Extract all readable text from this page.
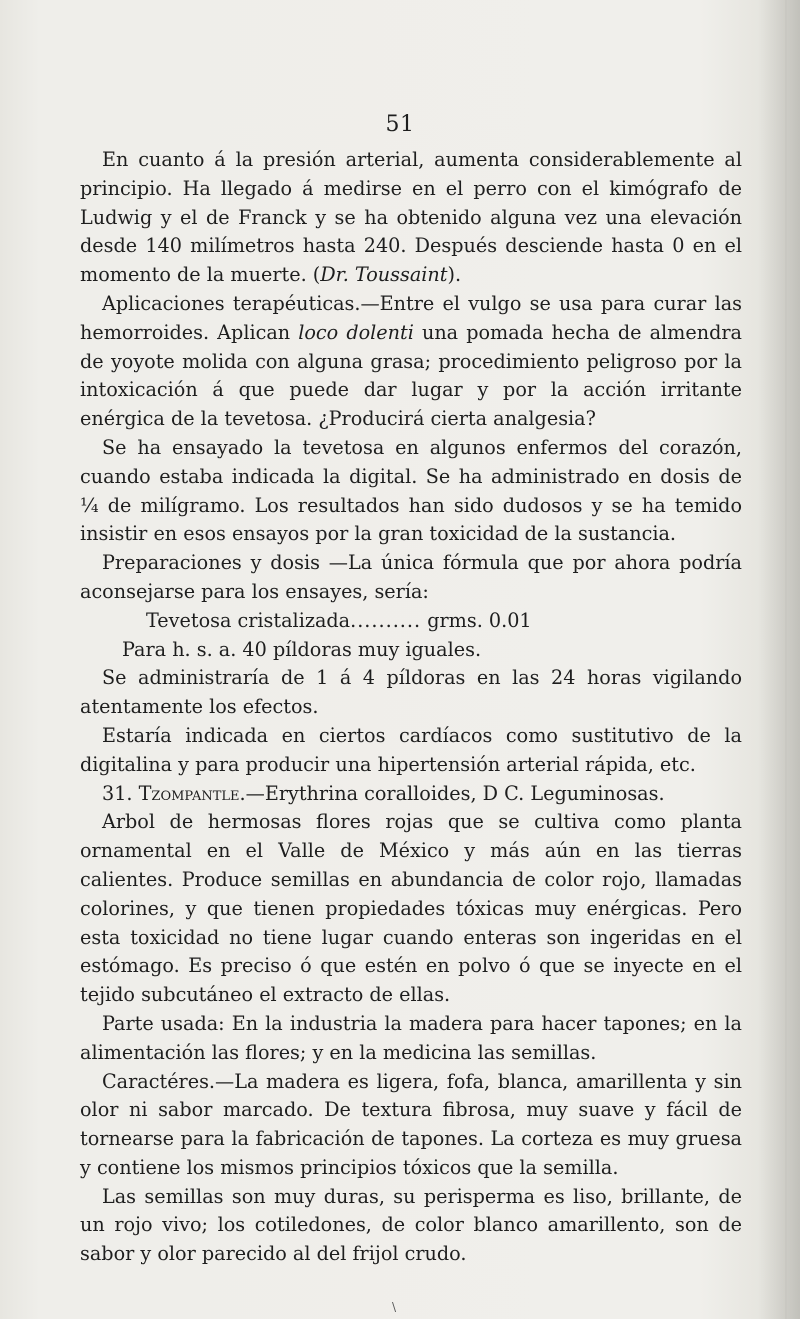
51

En cuanto á la presión arterial, aumenta considerablemente al principio. Ha llegado á medirse en el perro con el kimógrafo de Ludwig y el de Franck y se ha obtenido alguna vez una elevación desde 140 milímetros hasta 240. Después desciende hasta 0 en el momento de la muerte. (Dr. Toussaint).

Aplicaciones terapéuticas.—Entre el vulgo se usa para curar las hemorroides. Aplican loco dolenti una pomada hecha de almendra de yoyote molida con alguna grasa; procedimiento peligroso por la intoxicación á que puede dar lugar y por la acción irritante enérgica de la tevetosa. ¿Producirá cierta analgesia?

Se ha ensayado la tevetosa en algunos enfermos del corazón, cuando estaba indicada la digital. Se ha administrado en dosis de ¼ de milígramo. Los resultados han sido dudosos y se ha temido insistir en esos ensayos por la gran toxicidad de la sustancia.

Preparaciones y dosis —La única fórmula que por ahora podría aconsejarse para los ensayes, sería:

Tevetosa cristalizada.......... grms. 0.01

Para h. s. a. 40 píldoras muy iguales.

Se administraría de 1 á 4 píldoras en las 24 horas vigilando atentamente los efectos.

Estaría indicada en ciertos cardíacos como sustitutivo de la digitalina y para producir una hipertensión arterial rápida, etc.

31. Tzompantle.—Erythrina coralloides, D C. Leguminosas.

Arbol de hermosas flores rojas que se cultiva como planta ornamental en el Valle de México y más aún en las tierras calientes. Produce semillas en abundancia de color rojo, llamadas colorines, y que tienen propiedades tóxicas muy enérgicas. Pero esta toxicidad no tiene lugar cuando enteras son ingeridas en el estómago. Es preciso ó que estén en polvo ó que se inyecte en el tejido subcutáneo el extracto de ellas.

Parte usada: En la industria la madera para hacer tapones; en la alimentación las flores; y en la medicina las semillas.

Caractéres.—La madera es ligera, fofa, blanca, amarillenta y sin olor ni sabor marcado. De textura fibrosa, muy suave y fácil de tornearse para la fabricación de tapones. La corteza es muy gruesa y contiene los mismos principios tóxicos que la semilla.

Las semillas son muy duras, su perisperma es liso, brillante, de un rojo vivo; los cotiledones, de color blanco amarillento, son de sabor y olor parecido al del frijol crudo.

\
